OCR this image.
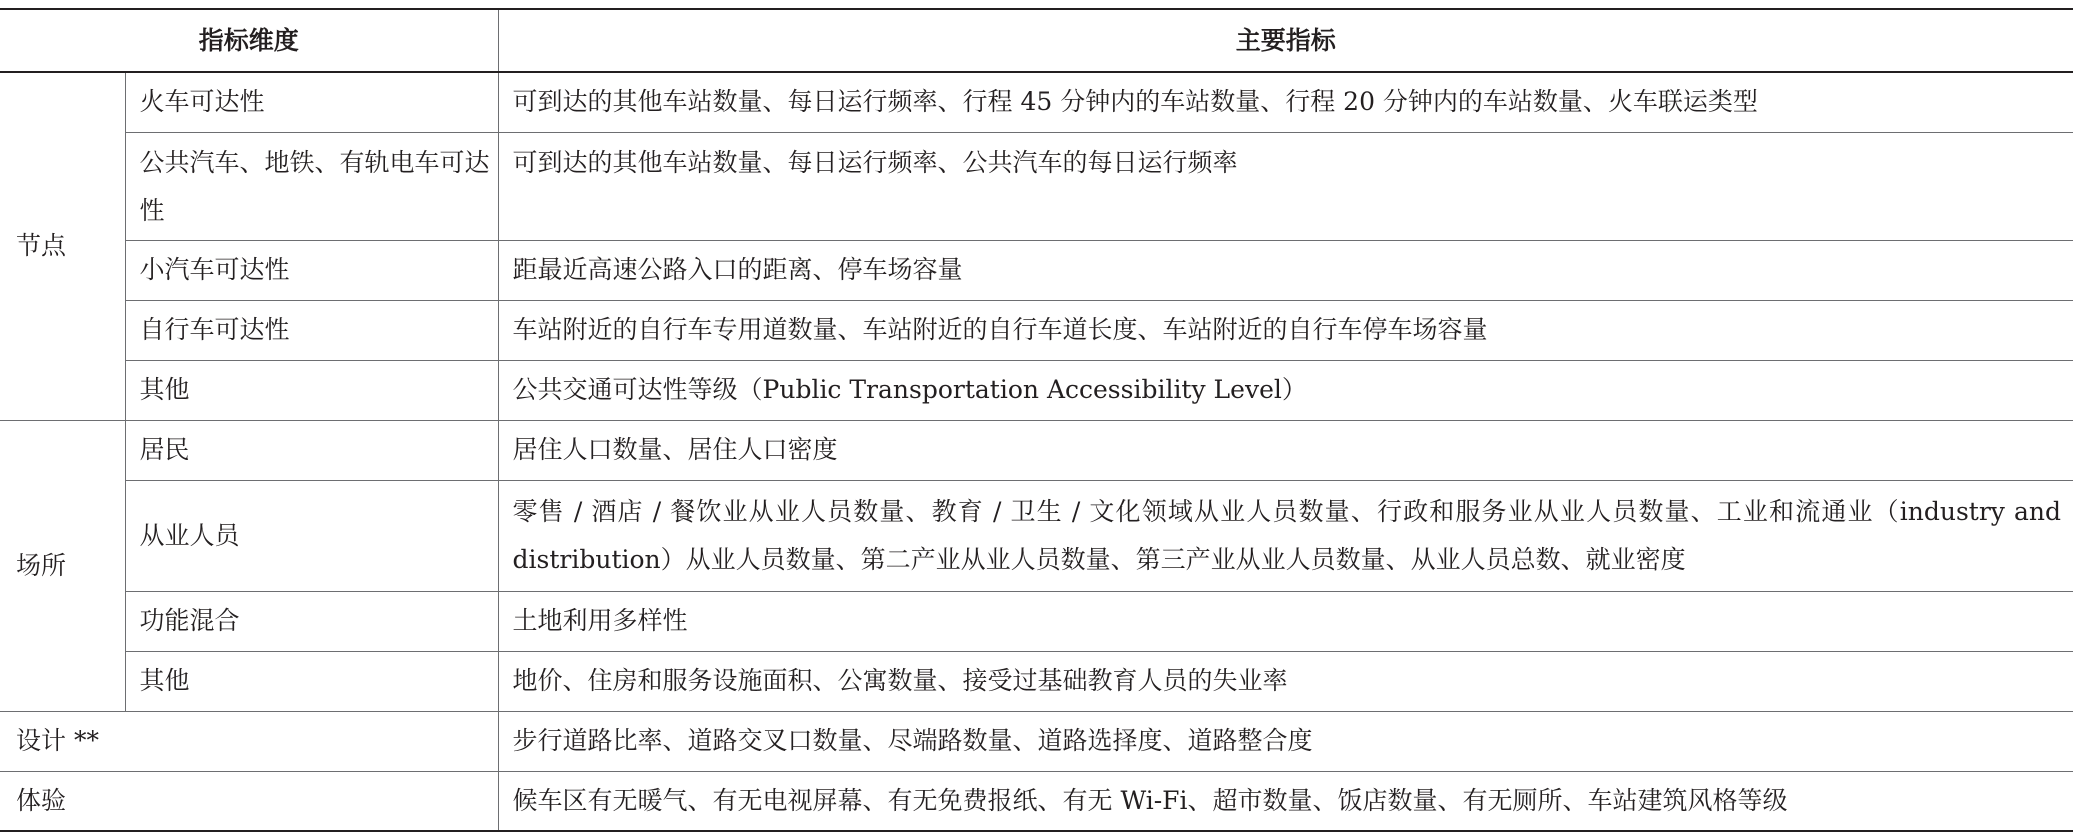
指标维度		主要指标
节点	火车可达性	可到达的其他车站数量、每日运行频率、行程 45 分钟内的车站数量、行程 20 分钟内的车站数量、火车联运类型
	公共汽车、地铁、有轨电车可达性	可到达的其他车站数量、每日运行频率、公共汽车的每日运行频率
	小汽车可达性	距最近高速公路入口的距离、停车场容量
	自行车可达性	车站附近的自行车专用道数量、车站附近的自行车道长度、车站附近的自行车停车场容量
	其他	公共交通可达性等级（Public Transportation Accessibility Level）
场所	居民	居住人口数量、居住人口密度
	从业人员	零售 / 酒店 / 餐饮业从业人员数量、教育 / 卫生 / 文化领域从业人员数量、行政和服务业从业人员数量、工业和流通业（industry and distribution）从业人员数量、第二产业从业人员数量、第三产业从业人员数量、从业人员总数、就业密度
	功能混合	土地利用多样性
	其他	地价、住房和服务设施面积、公寓数量、接受过基础教育人员的失业率
设计 **		步行道路比率、道路交叉口数量、尽端路数量、道路选择度、道路整合度
体验		候车区有无暖气、有无电视屏幕、有无免费报纸、有无 Wi-Fi、超市数量、饭店数量、有无厕所、车站建筑风格等级
